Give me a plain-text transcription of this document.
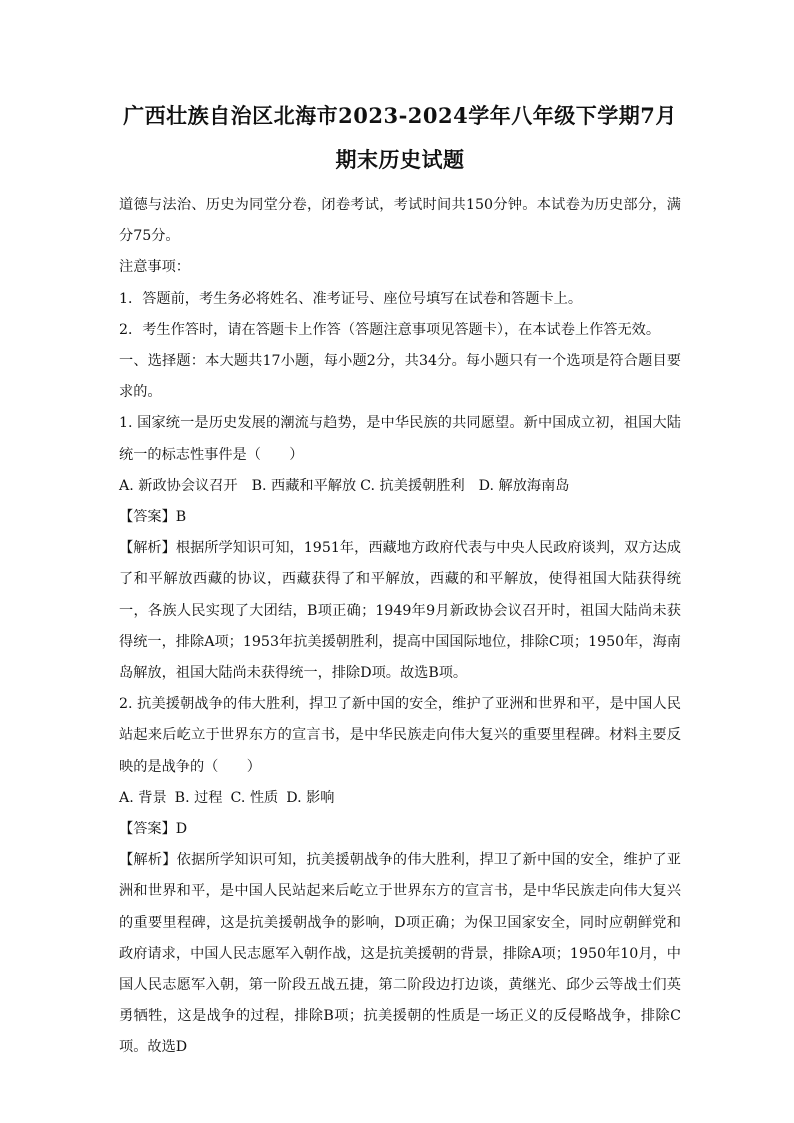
广西壮族自治区北海市2023-2024学年八年级下学期7月
期末历史试题

道德与法治、历史为同堂分卷，闭卷考试，考试时间共150分钟。本试卷为历史部分，满分75分。

注意事项：

1．答题前，考生务必将姓名、准考证号、座位号填写在试卷和答题卡上。

2．考生作答时，请在答题卡上作答（答题注意事项见答题卡），在本试卷上作答无效。

一、选择题：本大题共17小题，每小题2分，共34分。每小题只有一个选项是符合题目要求的。

1. 国家统一是历史发展的潮流与趋势，是中华民族的共同愿望。新中国成立初，祖国大陆统一的标志性事件是（　　）

A. 新政协会议召开 B. 西藏和平解放 C. 抗美援朝胜利 D. 解放海南岛

【答案】B

【解析】根据所学知识可知，1951年，西藏地方政府代表与中央人民政府谈判，双方达成了和平解放西藏的协议，西藏获得了和平解放，西藏的和平解放，使得祖国大陆获得统一，各族人民实现了大团结，B项正确；1949年9月新政协会议召开时，祖国大陆尚未获得统一，排除A项；1953年抗美援朝胜利，提高中国国际地位，排除C项；1950年，海南岛解放，祖国大陆尚未获得统一，排除D项。故选B项。

2. 抗美援朝战争的伟大胜利，捍卫了新中国的安全，维护了亚洲和世界和平，是中国人民站起来后屹立于世界东方的宣言书，是中华民族走向伟大复兴的重要里程碑。材料主要反映的是战争的（　　）

A. 背景 B. 过程 C. 性质 D. 影响

【答案】D

【解析】依据所学知识可知，抗美援朝战争的伟大胜利，捍卫了新中国的安全，维护了亚洲和世界和平，是中国人民站起来后屹立于世界东方的宣言书，是中华民族走向伟大复兴的重要里程碑，这是抗美援朝战争的影响，D项正确；为保卫国家安全，同时应朝鲜党和政府请求，中国人民志愿军入朝作战，这是抗美援朝的背景，排除A项；1950年10月，中国人民志愿军入朝，第一阶段五战五捷，第二阶段边打边谈，黄继光、邱少云等战士们英勇牺牲，这是战争的过程，排除B项；抗美援朝的性质是一场正义的反侵略战争，排除C项。故选D
